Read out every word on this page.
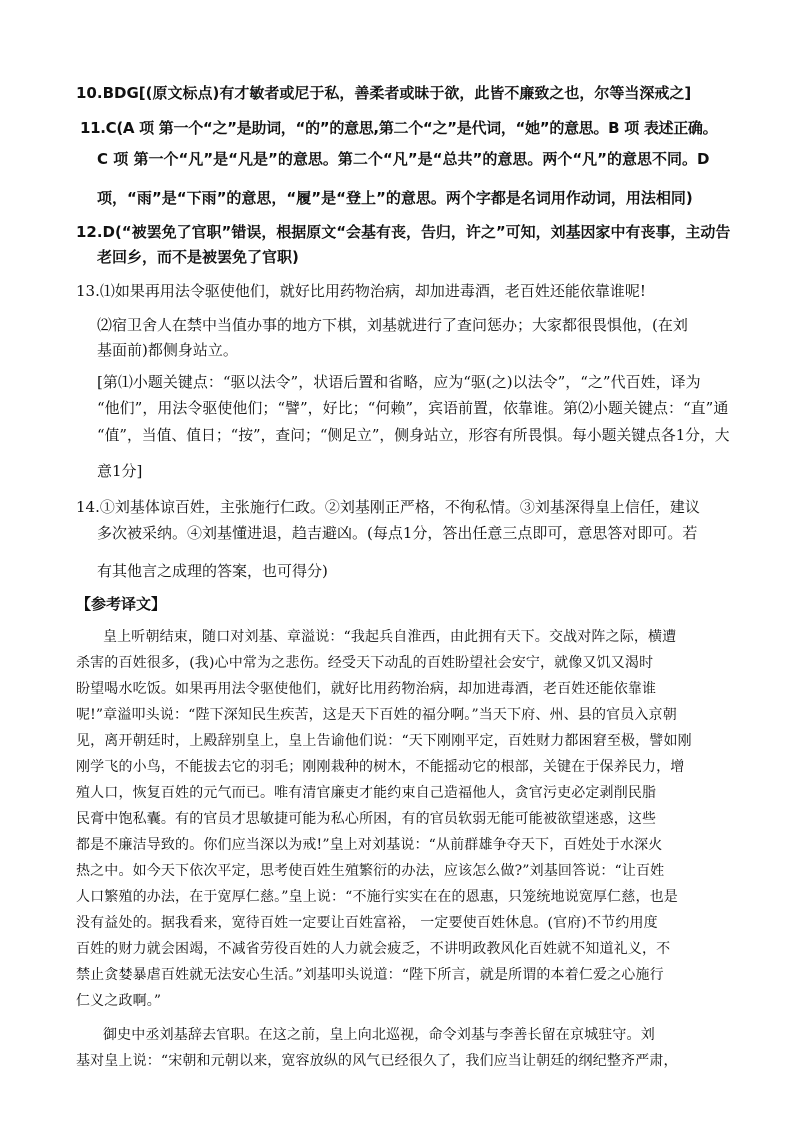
10.BDG[(原文标点)有才敏者或尼于私，善柔者或昧于欲，此皆不廉致之也，尔等当深戒之]
11.C(A 项 第一个“之”是助词，“的”的意思,第二个“之”是代词，“她”的意思。B 项 表述正确。
C 项 第一个“凡”是“凡是”的意思。第二个“凡”是“总共”的意思。两个“凡”的意思不同。D
项，“雨”是“下雨”的意思，“履”是“登上”的意思。两个字都是名词用作动词，用法相同)
12.D(“被罢免了官职”错误，根据原文“会基有丧，告归，许之”可知，刘基因家中有丧事，主动告
老回乡，而不是被罢免了官职)
13.⑴如果再用法令驱使他们，就好比用药物治病，却加进毒酒，老百姓还能依靠谁呢!
⑵宿卫舍人在禁中当值办事的地方下棋，刘基就进行了查问惩办；大家都很畏惧他，(在刘
基面前)都侧身站立。
[第⑴小题关键点：“驱以法令”，状语后置和省略，应为“驱(之)以法令”，“之”代百姓，译为
“他们”，用法令驱使他们；“譬”，好比；“何赖”，宾语前置，依靠谁。第⑵小题关键点：“直”通
“值”，当值、值日；“按”，查问；“侧足立”，侧身站立，形容有所畏惧。每小题关键点各1分，大
意1分]
14.①刘基体谅百姓，主张施行仁政。②刘基刚正严格，不徇私情。③刘基深得皇上信任，建议
多次被采纳。④刘基懂进退，趋吉避凶。(每点1分，答出任意三点即可，意思答对即可。若
有其他言之成理的答案，也可得分)
【参考译文】
皇上听朝结束，随口对刘基、章溢说：“我起兵自淮西，由此拥有天下。交战对阵之际，横遭
杀害的百姓很多，(我)心中常为之悲伤。经受天下动乱的百姓盼望社会安宁，就像又饥又渴时
盼望喝水吃饭。如果再用法令驱使他们，就好比用药物治病，却加进毒酒，老百姓还能依靠谁
呢!”章溢叩头说：“陛下深知民生疾苦，这是天下百姓的福分啊。”当天下府、州、县的官员入京朝
见，离开朝廷时，上殿辞别皇上，皇上告谕他们说：“天下刚刚平定，百姓财力都困窘至极，譬如刚
刚学飞的小鸟，不能拔去它的羽毛；刚刚栽种的树木，不能摇动它的根部，关键在于保养民力，增
殖人口，恢复百姓的元气而已。唯有清官廉吏才能约束自己造福他人，贪官污吏必定剥削民脂
民膏中饱私囊。有的官员才思敏捷可能为私心所困，有的官员软弱无能可能被欲望迷惑，这些
都是不廉洁导致的。你们应当深以为戒!”皇上对刘基说：“从前群雄争夺天下，百姓处于水深火
热之中。如今天下依次平定，思考使百姓生殖繁衍的办法，应该怎么做?”刘基回答说：“让百姓
人口繁殖的办法，在于宽厚仁慈。”皇上说：“不施行实实在在的恩惠，只笼统地说宽厚仁慈，也是
没有益处的。据我看来，宽待百姓一定要让百姓富裕， 一定要使百姓休息。(官府)不节约用度
百姓的财力就会困竭，不减省劳役百姓的人力就会疲乏，不讲明政教风化百姓就不知道礼义，不
禁止贪婪暴虐百姓就无法安心生活。”刘基叩头说道：“陛下所言，就是所谓的本着仁爱之心施行
仁义之政啊。”
御史中丞刘基辞去官职。在这之前，皇上向北巡视，命令刘基与李善长留在京城驻守。刘
基对皇上说：“宋朝和元朝以来，宽容放纵的风气已经很久了，我们应当让朝廷的纲纪整齐严肃，
